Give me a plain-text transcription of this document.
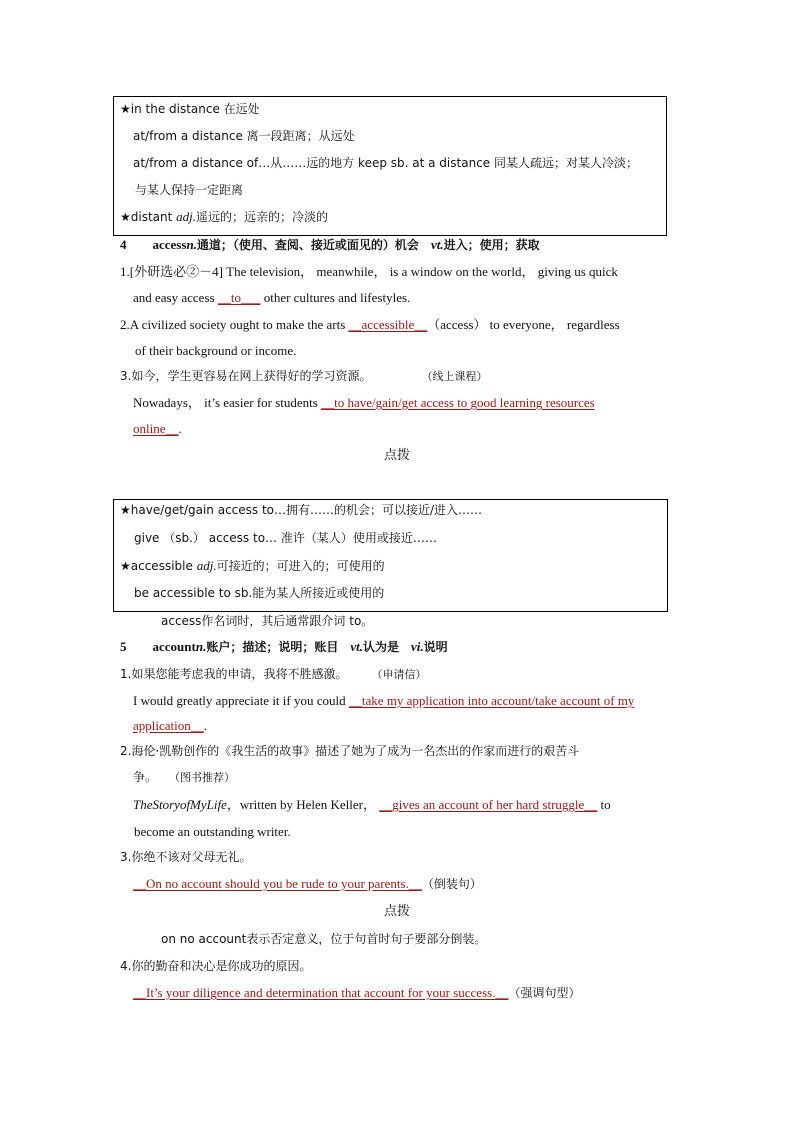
★in the distance 在远处
at/from a distance 离一段距离；从远处
at/from a distance of…从……远的地方 keep sb. at a distance 同某人疏远；对某人冷淡；
与某人保持一定距离
★distant adj.遥远的；远亲的；冷淡的
4 accessn.通道；（使用、查阅、接近或面见的）机会　vt.进入；使用；获取
1.[外研选必②－4] The television， meanwhile， is a window on the world， giving us quick
and easy access __to___ other cultures and lifestyles.
2.A civilized society ought to make the arts __accessible__（access） to everyone， regardless
of their background or income.
3.如今，学生更容易在网上获得好的学习资源。	（线上课程）
Nowadays， it’s easier for students __to have/gain/get access to good learning resources
online__.
点拨
★have/get/gain access to…拥有……的机会；可以接近/进入……
give （sb.） access to… 准许（某人）使用或接近……
★accessible adj.可接近的；可进入的；可使用的
be accessible to sb.能为某人所接近或使用的
access作名词时，其后通常跟介词 to。
5 accountn.账户；描述；说明；账目　vt.认为是　vi.说明
1.如果您能考虑我的申请，我将不胜感激。 （申请信）
I would greatly appreciate it if you could __take my application into account/take account of my
application__.
2.海伦·凯勒创作的《我生活的故事》描述了她为了成为一名杰出的作家而进行的艰苦斗
争。 （图书推荐）
TheStoryofMyLife，written by Helen Keller， __gives an account of her hard struggle__ to
become an outstanding writer.
3.你绝不该对父母无礼。
__On no account should you be rude to your parents.__（倒装句）
点拨
on no account表示否定意义，位于句首时句子要部分倒装。
4.你的勤奋和决心是你成功的原因。
__It’s your diligence and determination that account for your success.__（强调句型）
